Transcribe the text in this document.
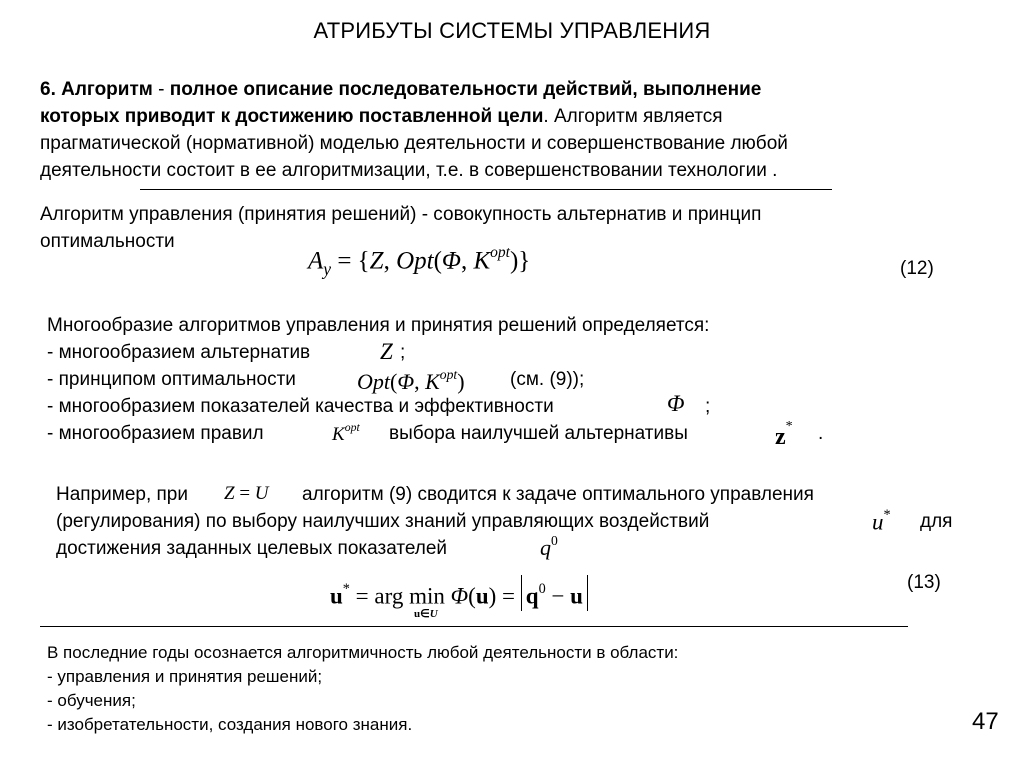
АТРИБУТЫ СИСТЕМЫ УПРАВЛЕНИЯ
6. Алгоритм - полное описание последовательности действий, выполнение
которых приводит к достижению поставленной цели. Алгоритм является
прагматической (нормативной) моделью деятельности и совершенствование любой
деятельности состоит в ее алгоритмизации, т.е. в совершенствовании технологии .
Алгоритм управления (принятия решений) - совокупность альтернатив и принцип
оптимальности
$A_y = \{Z$, Opt(Φ, $K^{opt}$)}	(12)
Многообразие алгоритмов управления и принятия решений определяется:
- многообразием альтернатив	Z ;
- принципом оптимальности	Opt(Φ, $K^{opt}$) (см. (9));
- многообразием показателей качества и эффективности	Φ ;
- многообразием правил	$K^{opt}$ выбора наилучшей альтернативы	z* .
Например, при Z = U алгоритм (9) сводится к задаче оптимального управления
(регулирования) по выбору наилучших знаний управляющих воздействий	u* для
достижения заданных целевых показателей	$q^0$
u* = arg $\min \Phi(u) = q^0 - u$
u∈U
(13)
В последние годы осознается алгоритмичность любой деятельности в области:
- управления и принятия решений;
- обучения;
- изобретательности, создания нового знания.	47
